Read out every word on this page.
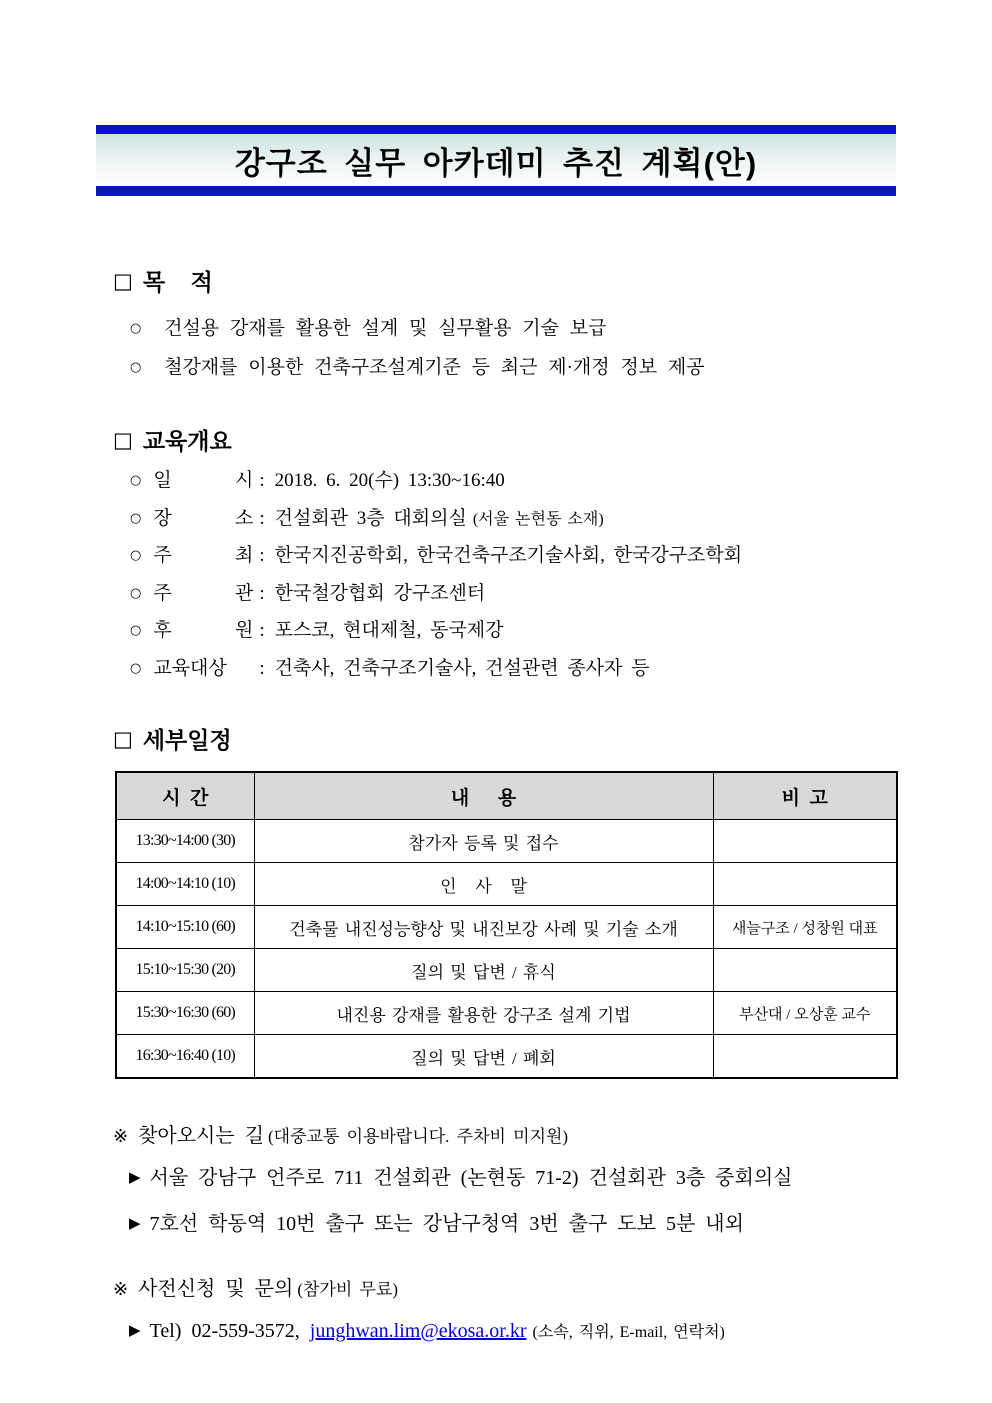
강구조 실무 아카데미 추진 계획(안)
□ 목    적
○ 건설용 강재를 활용한 설계 및 실무활용 기술 보급
○ 철강재를 이용한 건축구조설계기준 등 최근 제·개정 정보 제공
□ 교육개요
○ 일 시 : 2018. 6. 20(수) 13:30~16:40
○ 장 소 : 건설회관 3층 대회의실 (서울 논현동 소재)
○ 주 최 : 한국지진공학회, 한국건축구조기술사회, 한국강구조학회
○ 주 관 : 한국철강협회 강구조센터
○ 후 원 : 포스코, 현대제철, 동국제강
○ 교육대상 : 건축사, 건축구조기술사, 건설관련 종사자 등
□ 세부일정
시  간	내      용	비  고
13:30~14:00 (30)	참가자 등록 및 접수	
14:00~14:10 (10)	인   사   말	
14:10~15:10 (60)	건축물 내진성능향상 및 내진보강 사례 및 기술 소개	새늘구조 / 성창원 대표
15:10~15:30 (20)	질의 및 답변 / 휴식	
15:30~16:30 (60)	내진용 강재를 활용한 강구조 설계 기법	부산대 / 오상훈 교수
16:30~16:40 (10)	질의 및 답변 / 폐회	
※ 찾아오시는 길 (대중교통 이용바랍니다. 주차비 미지원)
▶ 서울 강남구 언주로 711 건설회관 (논현동 71-2) 건설회관 3층 중회의실
▶ 7호선 학동역 10번 출구 또는 강남구청역 3번 출구 도보 5분 내외
※ 사전신청 및 문의 (참가비 무료)
▶ Tel) 02-559-3572, junghwan.lim@ekosa.or.kr (소속, 직위, E-mail, 연락처)
